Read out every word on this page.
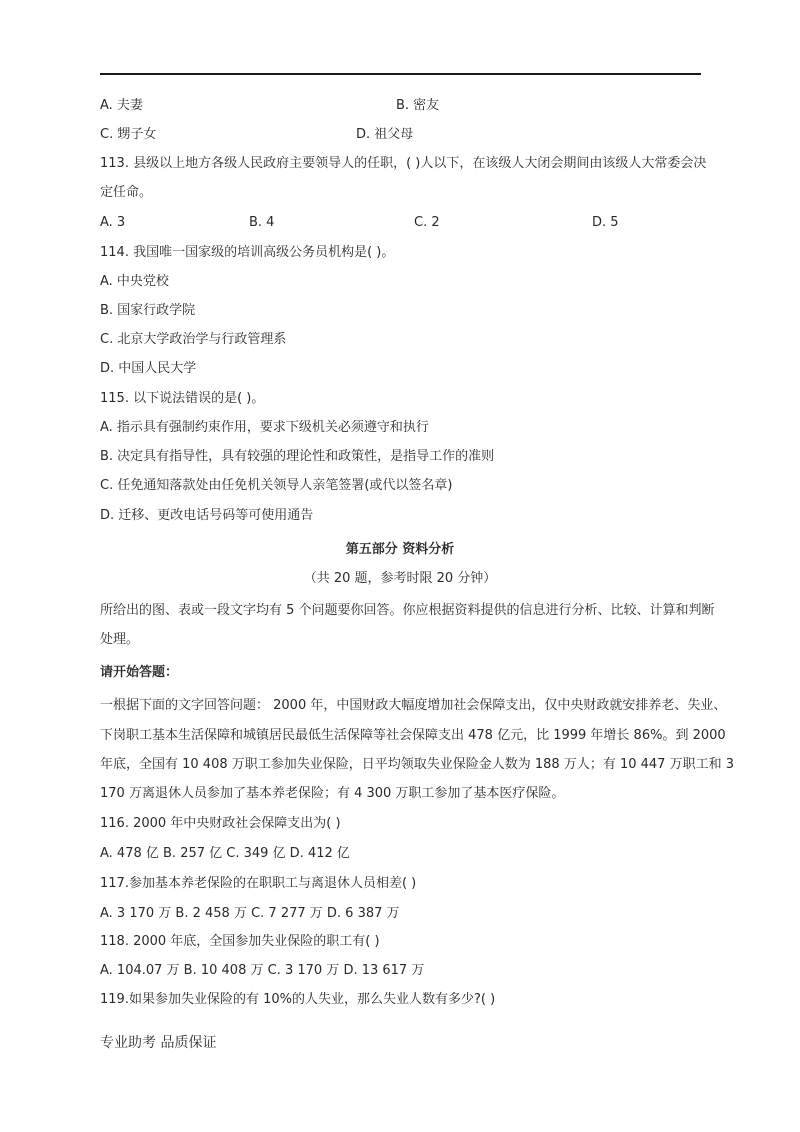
A. 夫妻	B. 密友
C. 甥子女	D. 祖父母
113. 县级以上地方各级人民政府主要领导人的任职，( )人以下，在该级人大闭会期间由该级人大常委会决
定任命。
A. 3	B. 4	C. 2	D. 5
114. 我国唯一国家级的培训高级公务员机构是( )。
A. 中央党校
B. 国家行政学院
C. 北京大学政治学与行政管理系
D. 中国人民大学
115. 以下说法错误的是( )。
A. 指示具有强制约束作用，要求下级机关必须遵守和执行
B. 决定具有指导性，具有较强的理论性和政策性，是指导工作的准则
C. 任免通知落款处由任免机关领导人亲笔签署(或代以签名章)
D. 迁移、更改电话号码等可使用通告
第五部分 资料分析
（共 20 题，参考时限 20 分钟）
所给出的图、表或一段文字均有 5 个问题要你回答。你应根据资料提供的信息进行分析、比较、计算和判断
处理。
请开始答题：
一根据下面的文字回答问题： 2000 年，中国财政大幅度增加社会保障支出，仅中央财政就安排养老、失业、
下岗职工基本生活保障和城镇居民最低生活保障等社会保障支出 478 亿元，比 1999 年增长 86%。到 2000
年底，全国有 10 408 万职工参加失业保险，日平均领取失业保险金人数为 188 万人；有 10 447 万职工和 3
170 万离退休人员参加了基本养老保险；有 4 300 万职工参加了基本医疗保险。
116. 2000 年中央财政社会保障支出为( )
A. 478 亿 B. 257 亿 C. 349 亿 D. 412 亿
117.参加基本养老保险的在职职工与离退休人员相差( )
A. 3 170 万 B. 2 458 万 C. 7 277 万 D. 6 387 万
118. 2000 年底，全国参加失业保险的职工有( )
A. 104.07 万 B. 10 408 万 C. 3 170 万 D. 13 617 万
119.如果参加失业保险的有 10%的人失业，那么失业人数有多少?( )
专业助考 品质保证
